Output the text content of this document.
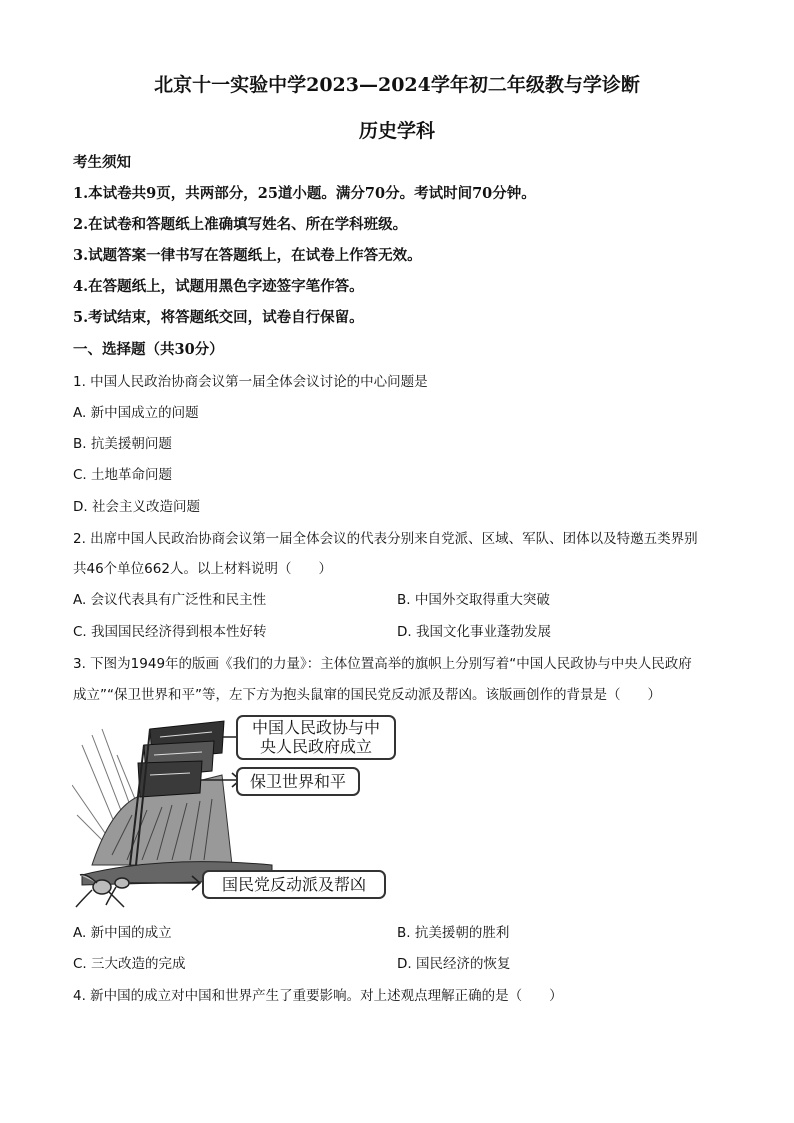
北京十一实验中学2023—2024学年初二年级教与学诊断
历史学科
考生须知
1.本试卷共9页，共两部分，25道小题。满分70分。考试时间70分钟。
2.在试卷和答题纸上准确填写姓名、所在学科班级。
3.试题答案一律书写在答题纸上，在试卷上作答无效。
4.在答题纸上，试题用黑色字迹签字笔作答。
5.考试结束，将答题纸交回，试卷自行保留。
一、选择题（共30分）
1. 中国人民政治协商会议第一届全体会议讨论的中心问题是
A. 新中国成立的问题
B. 抗美援朝问题
C. 土地革命问题
D. 社会主义改造问题
2. 出席中国人民政治协商会议第一届全体会议的代表分别来自党派、区域、军队、团体以及特邀五类界别
共46个单位662人。以上材料说明（　　）
A. 会议代表具有广泛性和民主性	B. 中国外交取得重大突破
C. 我国国民经济得到根本性好转	D. 我国文化事业蓬勃发展
3. 下图为1949年的版画《我们的力量》：主体位置高举的旗帜上分别写着“中国人民政协与中央人民政府
成立”“保卫世界和平”等，左下方为抱头鼠窜的国民党反动派及帮凶。该版画创作的背景是（　　）
中国人民政协与中
央人民政府成立
保卫世界和平
国民党反动派及帮凶
A. 新中国的成立	B. 抗美援朝的胜利
C. 三大改造的完成	D. 国民经济的恢复
4. 新中国的成立对中国和世界产生了重要影响。对上述观点理解正确的是（　　）
